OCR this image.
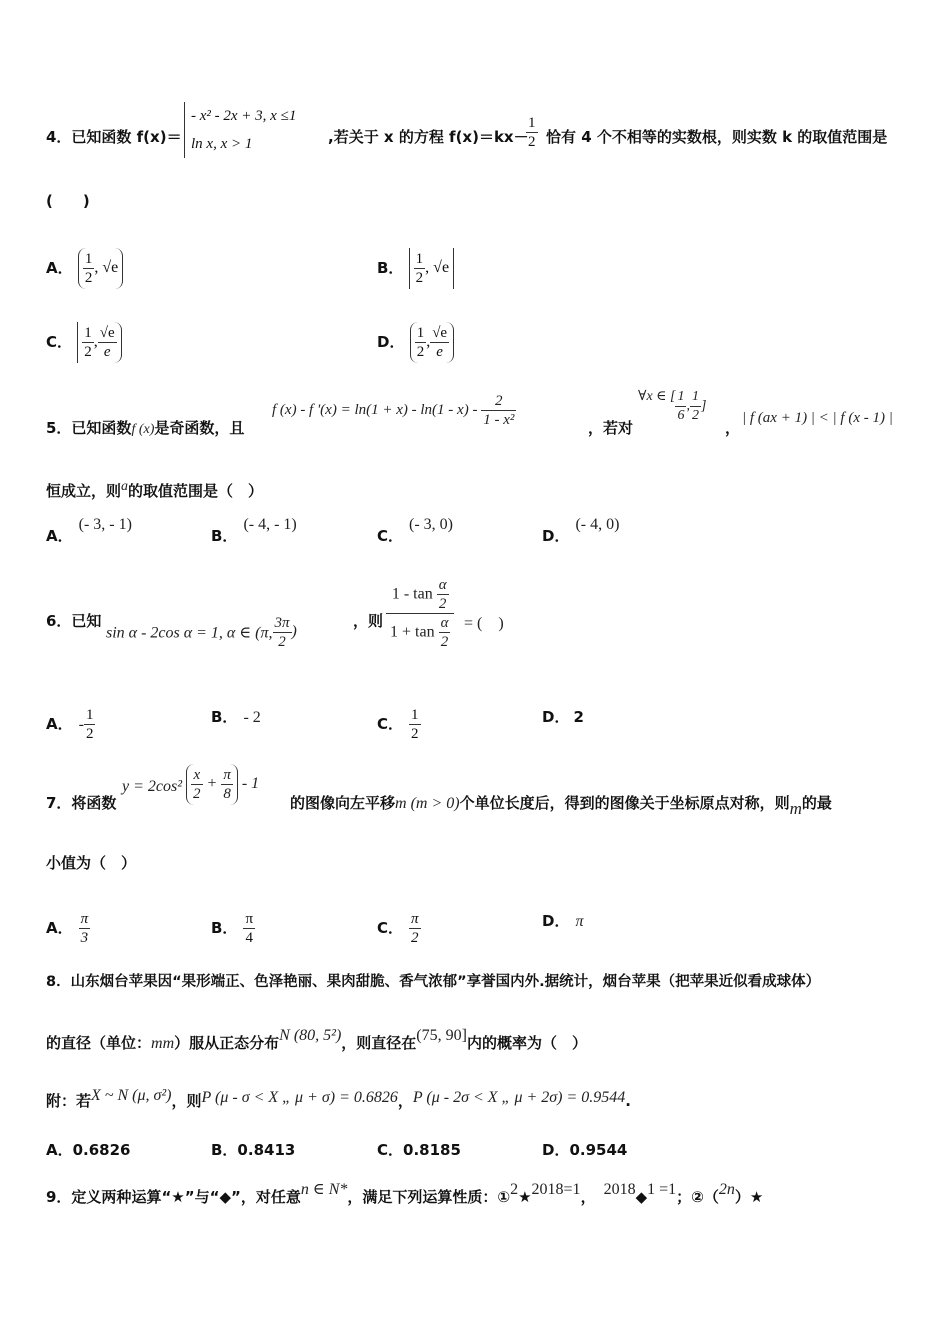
4．已知函数 f(x)＝
- x² - 2x + 3, x ≤1
ln x, x > 1	,若关于 x 的方程 f(x)＝kx－
$\frac{1}{2}$ 恰有 4 个不相等的实数根，则实数 k 的取值范围是
(　　)
A． $\frac{1}{2}$ , √e	B． $\frac{1}{2}$ , √e
C． $\frac{1}{2}$ , $\frac{√e}{e}$	D． $\frac{1}{2}$ , $\frac{√e}{e}$
5．已知函数f (x)是奇函数，且
f (x) - f '$(x) = \ln(1 + x) - \ln(1 - x) - \frac{2}{\text{1 - x²}}$	，若对
∀x ∈ [ $\frac{1}{6}$ , $\frac{1}{2}$ ]
，
| f (ax + 1) | < | f (x - 1) |
恒成立，则a的取值范围是（　）
A．(- 3, - 1)
B．(- 4, - 1)
C．(- 3, 0)
D．(- 4, 0)
6．已知
sin α - 2cos α = 1, α ∈ (π, $\frac{3\pi}{2}$ )
，则
$1 - \tan \frac{\alpha}{2}$
$1 + \tan \frac{\alpha}{2}$ = (　)
A． - $\frac{1}{2}$	B． - 2	C． $\frac{1}{2}$	D． 2
7．将函数
$y = 2\cos^2 \frac{x}{2} + \frac{\pi}{8} - 1$
的图像向左平移m (m > 0)个单位长度后，得到的图像关于坐标原点对称，则m的最
小值为（　）
A． $\frac{\pi}{3}$	B． $\frac{\pi}{4}$	C． $\frac{\pi}{2}$	D． π
8．山东烟台苹果因“果形端正、色泽艳丽、果肉甜脆、香气浓郁”享誉国内外.据统计，烟台苹果（把苹果近似看成球体）
的直径（单位：mm）服从正态分布N (80, 5²)，则直径在(75, 90]内的概率为（　）
附：若X ~ N (μ, σ²)，则P (μ - σ < X „ μ + σ) = 0.6826，P (μ - 2σ < X „ μ + 2σ) = 0.9544.
A．0.6826	B．0.8413	C．0.8185	D．0.9544
9．定义两种运算“★”与“◆”，对任意n ∈ N*，满足下列运算性质：①2★2018=1， 2018◆1 =1；②（2n）★
